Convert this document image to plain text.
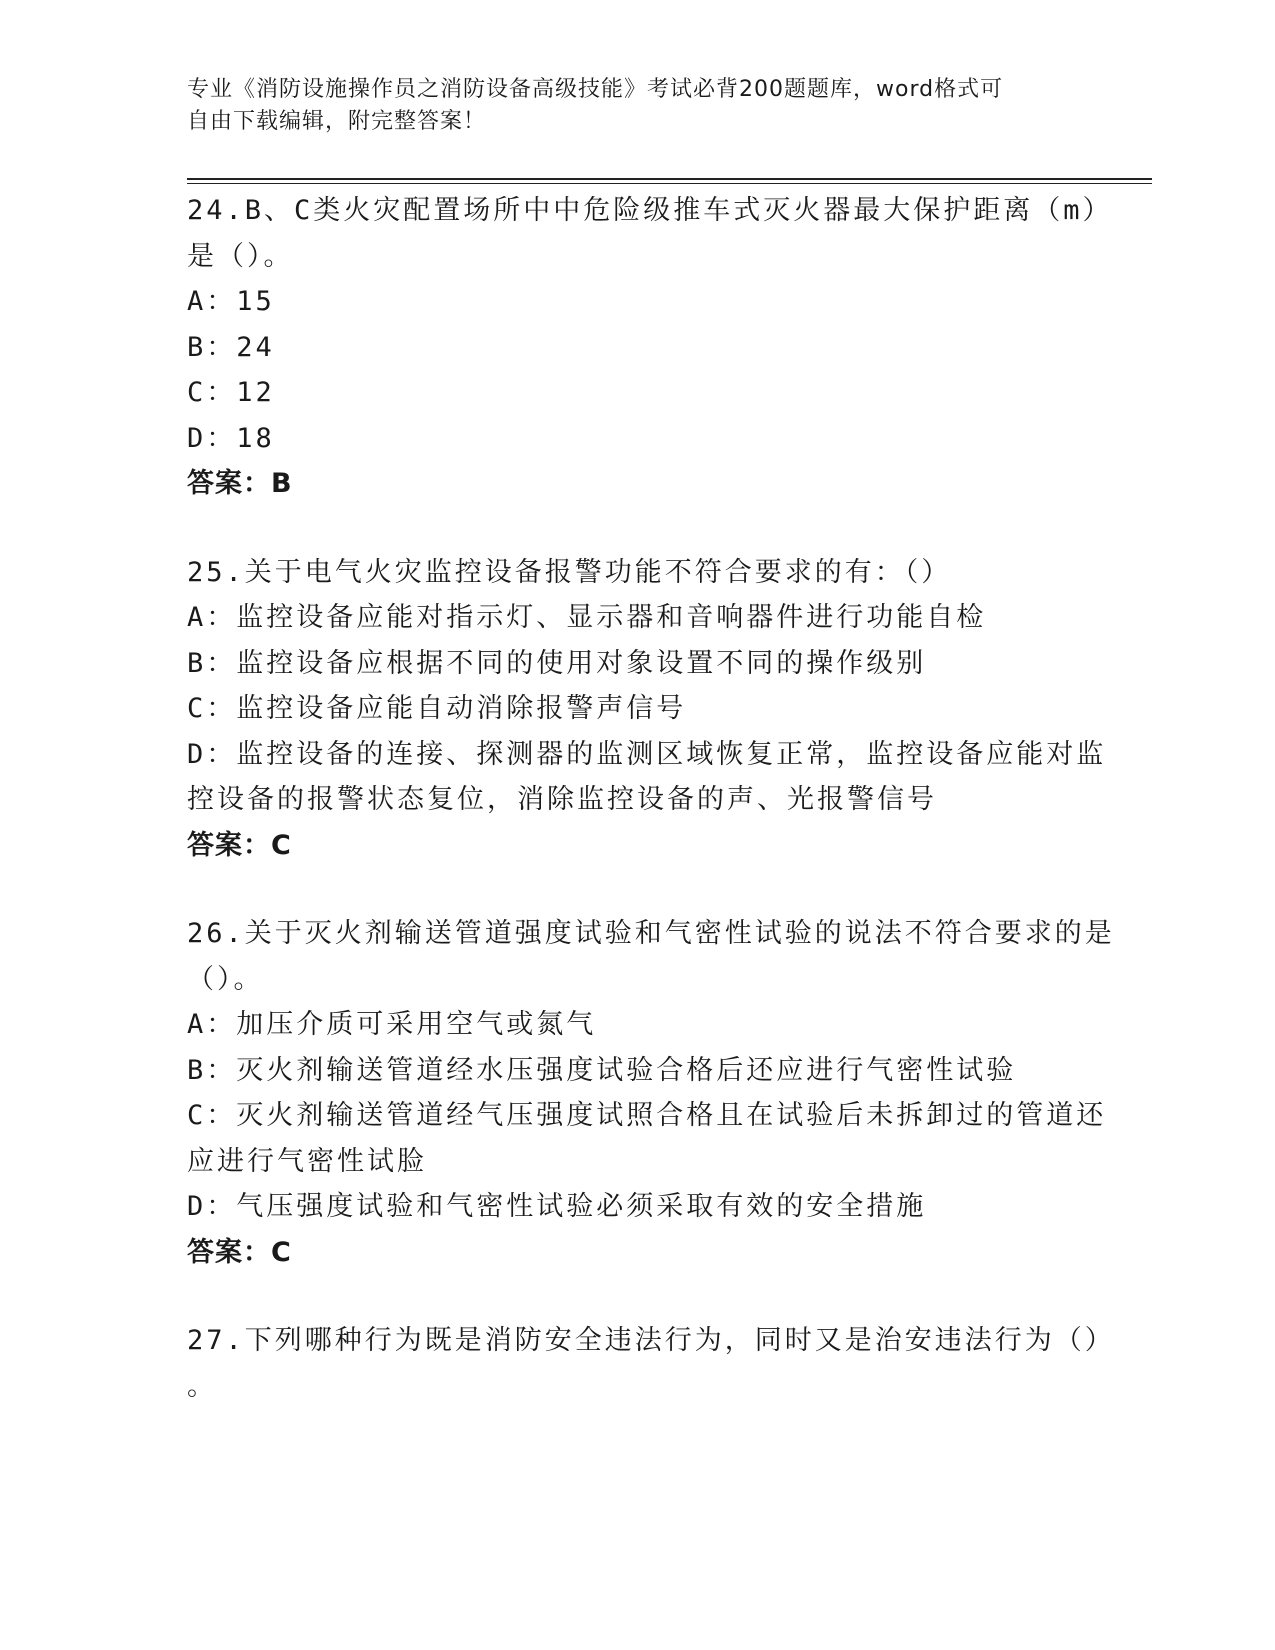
专业《消防设施操作员之消防设备高级技能》考试必背200题题库，word格式可
自由下载编辑，附完整答案！
24.B、C类火灾配置场所中中危险级推车式灭火器最大保护距离（m）
是（）。
A：15
B：24
C：12
D：18
答案：B
25.关于电气火灾监控设备报警功能不符合要求的有：（）
A：监控设备应能对指示灯、显示器和音响器件进行功能自检
B：监控设备应根据不同的使用对象设置不同的操作级别
C：监控设备应能自动消除报警声信号
D：监控设备的连接、探测器的监测区域恢复正常，监控设备应能对监
控设备的报警状态复位，消除监控设备的声、光报警信号
答案：C
26.关于灭火剂输送管道强度试验和气密性试验的说法不符合要求的是
（）。
A：加压介质可采用空气或氮气
B：灭火剂输送管道经水压强度试验合格后还应进行气密性试验
C：灭火剂输送管道经气压强度试照合格且在试验后未拆卸过的管道还
应进行气密性试脸
D：气压强度试验和气密性试验必须采取有效的安全措施
答案：C
27.下列哪种行为既是消防安全违法行为，同时又是治安违法行为（）
。
